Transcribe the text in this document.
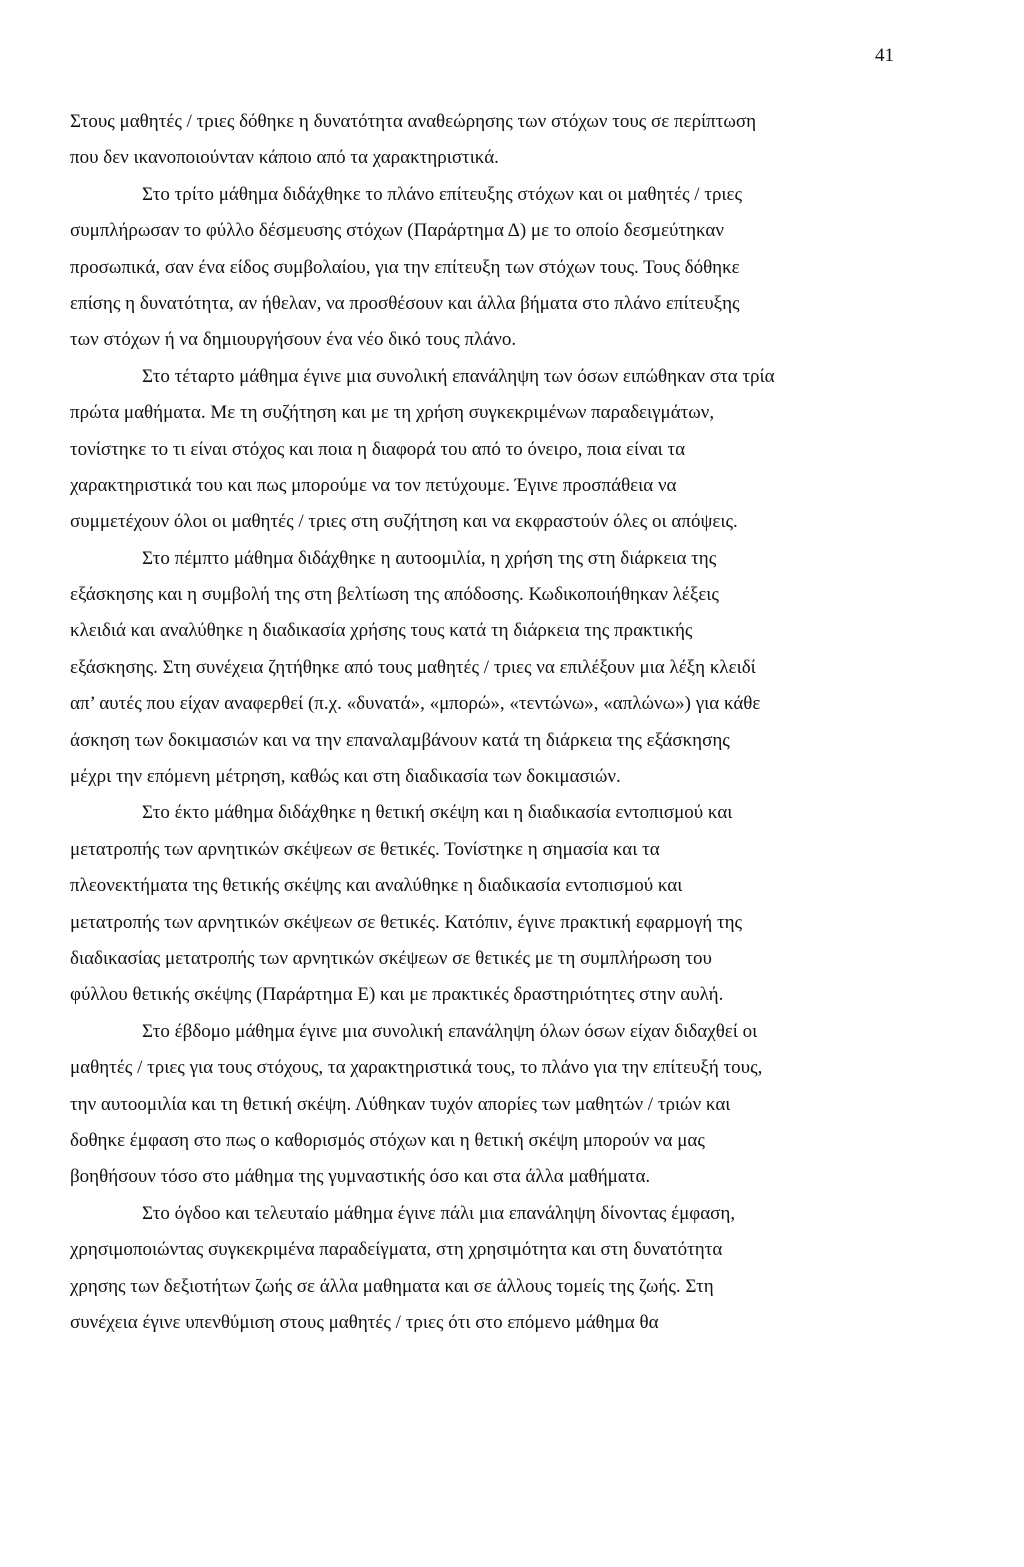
41
Στους μαθητές / τριες δόθηκε η δυνατότητα αναθεώρησης των στόχων τους σε περίπτωση
που δεν ικανοποιούνταν κάποιο από τα χαρακτηριστικά.
Στο τρίτο μάθημα διδάχθηκε το πλάνο επίτευξης στόχων και οι μαθητές / τριες
συμπλήρωσαν το φύλλο δέσμευσης στόχων (Παράρτημα Δ) με το οποίο δεσμεύτηκαν
προσωπικά, σαν ένα είδος συμβολαίου, για την επίτευξη των στόχων τους. Τους δόθηκε
επίσης η δυνατότητα, αν ήθελαν, να προσθέσουν και άλλα βήματα στο πλάνο επίτευξης
των στόχων ή να δημιουργήσουν ένα νέο δικό τους πλάνο.
Στο τέταρτο μάθημα έγινε μια συνολική επανάληψη των όσων ειπώθηκαν στα τρία
πρώτα μαθήματα. Με τη συζήτηση και με τη χρήση συγκεκριμένων παραδειγμάτων,
τονίστηκε το τι είναι στόχος και ποια η διαφορά του από το όνειρο, ποια είναι τα
χαρακτηριστικά του και πως μπορούμε να τον πετύχουμε. Έγινε προσπάθεια να
συμμετέχουν όλοι οι μαθητές / τριες στη συζήτηση και να εκφραστούν όλες οι απόψεις.
Στο πέμπτο μάθημα διδάχθηκε η αυτοομιλία, η χρήση της στη διάρκεια της
εξάσκησης και η συμβολή της στη βελτίωση της απόδοσης. Κωδικοποιήθηκαν λέξεις
κλειδιά και αναλύθηκε η διαδικασία χρήσης τους κατά τη διάρκεια της πρακτικής
εξάσκησης. Στη συνέχεια ζητήθηκε από τους μαθητές / τριες να επιλέξουν μια λέξη κλειδί
απ’ αυτές που είχαν αναφερθεί (π.χ. «δυνατά», «μπορώ», «τεντώνω», «απλώνω») για κάθε
άσκηση των δοκιμασιών και να την επαναλαμβάνουν κατά τη διάρκεια της εξάσκησης
μέχρι την επόμενη μέτρηση, καθώς και στη διαδικασία των δοκιμασιών.
Στο έκτο μάθημα διδάχθηκε η θετική σκέψη και η διαδικασία εντοπισμού και
μετατροπής των αρνητικών σκέψεων σε θετικές. Τονίστηκε η σημασία και τα
πλεονεκτήματα της θετικής σκέψης και αναλύθηκε η διαδικασία εντοπισμού και
μετατροπής των αρνητικών σκέψεων σε θετικές. Κατόπιν, έγινε πρακτική εφαρμογή της
διαδικασίας μετατροπής των αρνητικών σκέψεων σε θετικές με τη συμπλήρωση του
φύλλου θετικής σκέψης (Παράρτημα Ε) και με πρακτικές δραστηριότητες στην αυλή.
Στο έβδομο μάθημα έγινε μια συνολική επανάληψη όλων όσων είχαν διδαχθεί οι
μαθητές / τριες για τους στόχους, τα χαρακτηριστικά τους, το πλάνο για την επίτευξή τους,
την αυτοομιλία και τη θετική σκέψη. Λύθηκαν τυχόν απορίες των μαθητών / τριών και
δοθηκε έμφαση στο πως ο καθορισμός στόχων και η θετική σκέψη μπορούν να μας
βοηθήσουν τόσο στο μάθημα της γυμναστικής όσο και στα άλλα μαθήματα.
Στο όγδοο και τελευταίο μάθημα έγινε πάλι μια επανάληψη δίνοντας έμφαση,
χρησιμοποιώντας συγκεκριμένα παραδείγματα, στη χρησιμότητα και στη δυνατότητα
χρησης των δεξιοτήτων ζωής σε άλλα μαθηματα και σε άλλους τομείς της ζωής. Στη
συνέχεια έγινε υπενθύμιση στους μαθητές / τριες ότι στο επόμενο μάθημα θα
